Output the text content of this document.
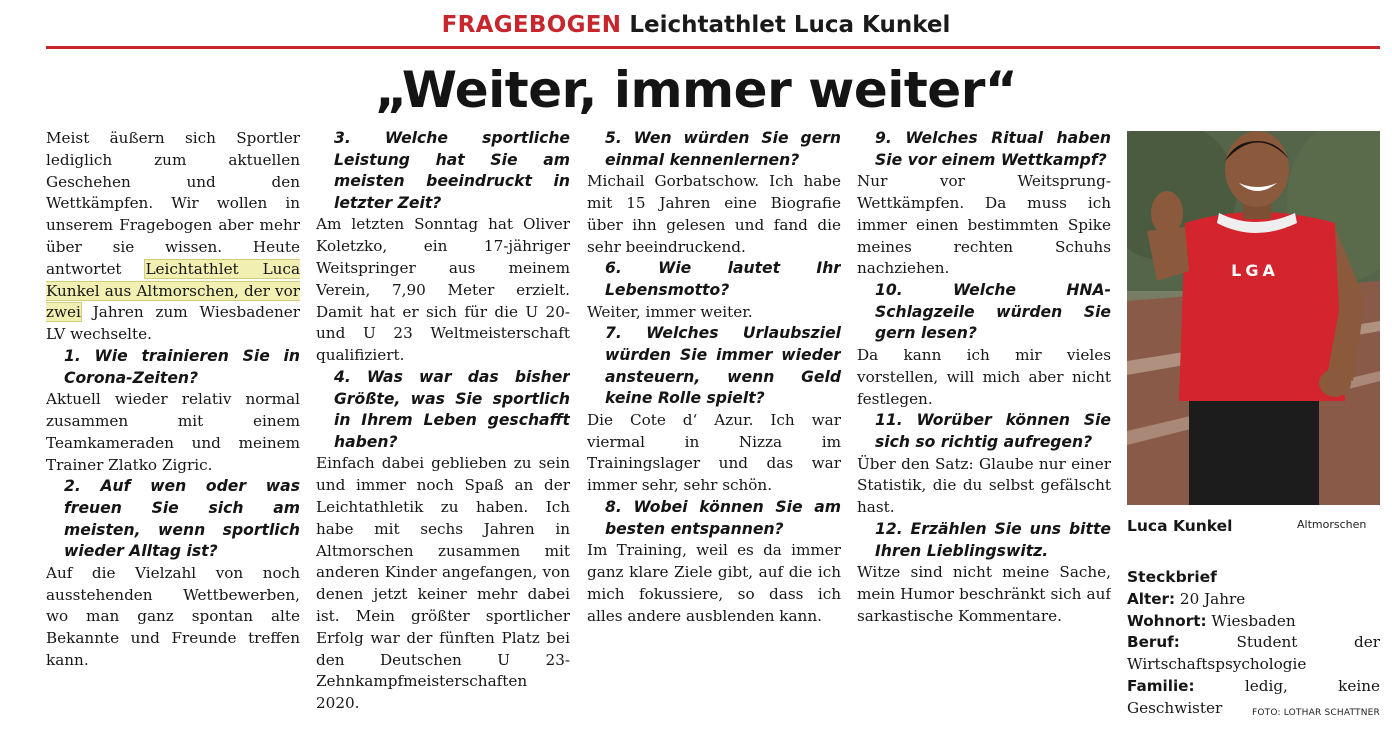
FRAGEBOGEN Leichtathlet Luca Kunkel
„Weiter, immer weiter“

Meist äußern sich Sportler lediglich zum aktuellen Geschehen und den Wettkämpfen. Wir wollen in unserem Fragebogen aber mehr über sie wissen. Heute antwortet Leichtathlet Luca Kunkel aus Altmorschen, der vor zwei Jahren zum Wiesbadener LV wechselte.

1. Wie trainieren Sie in Corona-Zeiten?

Aktuell wieder relativ normal zusammen mit einem Teamkameraden und meinem Trainer Zlatko Zigric.

2. Auf wen oder was freuen Sie sich am meisten, wenn sportlich wieder Alltag ist?

Auf die Vielzahl von noch ausstehenden Wettbewerben, wo man ganz spontan alte Bekannte und Freunde treffen kann.

3. Welche sportliche Leistung hat Sie am meisten beeindruckt in letzter Zeit?

Am letzten Sonntag hat Oliver Koletzko, ein 17-jähriger Weitspringer aus meinem Verein, 7,90 Meter erzielt. Damit hat er sich für die U 20- und U 23 Weltmeisterschaft qualifiziert.

4. Was war das bisher Größte, was Sie sportlich in Ihrem Leben geschafft haben?

Einfach dabei geblieben zu sein und immer noch Spaß an der Leichtathletik zu haben. Ich habe mit sechs Jahren in Altmorschen zusammen mit anderen Kinder angefangen, von denen jetzt keiner mehr dabei ist. Mein größter sportlicher Erfolg war der fünften Platz bei den Deutschen U 23-Zehnkampfmeisterschaften 2020.

5. Wen würden Sie gern einmal kennenlernen?

Michail Gorbatschow. Ich habe mit 15 Jahren eine Biografie über ihn gelesen und fand die sehr beeindruckend.

6. Wie lautet Ihr Lebensmotto?

Weiter, immer weiter.

7. Welches Urlaubsziel würden Sie immer wieder ansteuern, wenn Geld keine Rolle spielt?

Die Cote d‘ Azur. Ich war viermal in Nizza im Trainingslager und das war immer sehr, sehr schön.

8. Wobei können Sie am besten entspannen?

Im Training, weil es da immer ganz klare Ziele gibt, auf die ich mich fokussiere, so dass ich alles andere ausblenden kann.

9. Welches Ritual haben Sie vor einem Wettkampf?

Nur vor Weitsprung-Wettkämpfen. Da muss ich immer einen bestimmten Spike meines rechten Schuhs nachziehen.

10. Welche HNA-Schlagzeile würden Sie gern lesen?

Da kann ich mir vieles vorstellen, will mich aber nicht festlegen.

11. Worüber können Sie sich so richtig aufregen?

Über den Satz: Glaube nur einer Statistik, die du selbst gefälscht hast.

12. Erzählen Sie uns bitte Ihren Lieblingswitz.

Witze sind nicht meine Sache, mein Humor beschränkt sich auf sarkastische Kommentare.

LGA
Luca Kunkel	Altmorschen
Steckbrief

Alter: 20 Jahre

Wohnort: Wiesbaden

Beruf:	Student der Wirtschaftspsychologie

Familie:	ledig, keine Geschwister	FOTO: LOTHAR SCHATTNER
